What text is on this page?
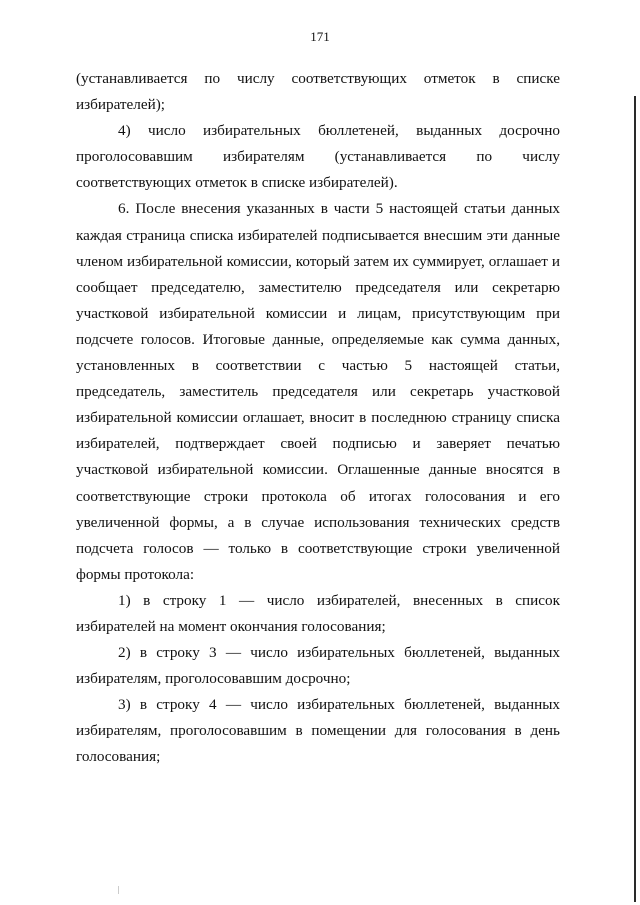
171

(устанавливается по числу соответствующих отметок в списке избирателей);

4) число избирательных бюллетеней, выданных досрочно проголосовавшим избирателям (устанавливается по числу соответствующих отметок в списке избирателей).

6. После внесения указанных в части 5 настоящей статьи данных каждая страница списка избирателей подписывается внесшим эти данные членом избирательной комиссии, который затем их суммирует, оглашает и сообщает председателю, заместителю председателя или секретарю участковой избирательной комиссии и лицам, присутствующим при подсчете голосов. Итоговые данные, определяемые как сумма данных, установленных в соответствии с частью 5 настоящей статьи, председатель, заместитель председателя или секретарь участковой избирательной комиссии оглашает, вносит в последнюю страницу списка избирателей, подтверждает своей подписью и заверяет печатью участковой избирательной комиссии. Оглашенные данные вносятся в соответствующие строки протокола об итогах голосования и его увеличенной формы, а в случае использования технических средств подсчета голосов — только в соответствующие строки увеличенной формы протокола:

1) в строку 1 — число избирателей, внесенных в список избирателей на момент окончания голосования;

2) в строку 3 — число избирательных бюллетеней, выданных избирателям, проголосовавшим досрочно;

3) в строку 4 — число избирательных бюллетеней, выданных избирателям, проголосовавшим в помещении для голосования в день голосования;
